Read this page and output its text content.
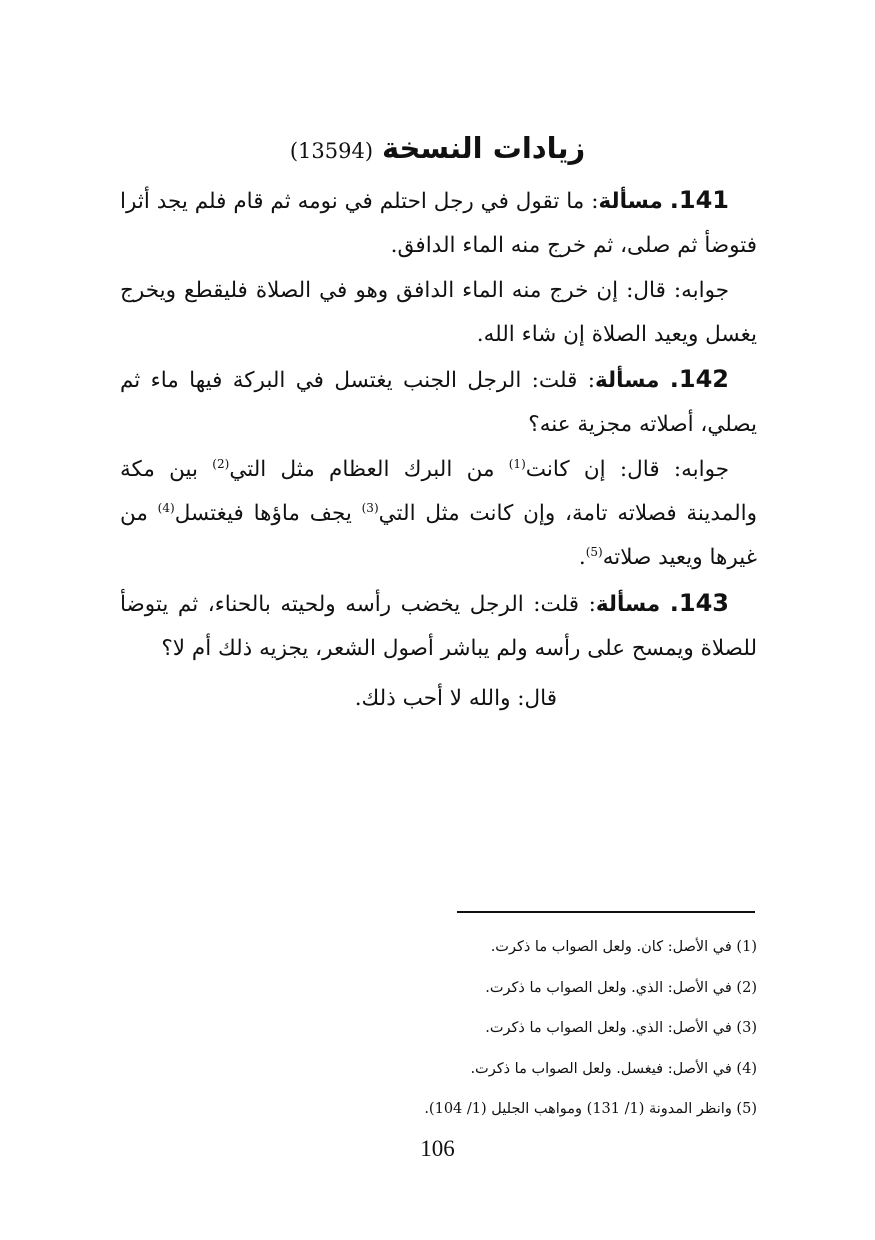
زيادات النسخة (13594)

141. مسألة: ما تقول في رجل احتلم في نومه ثم قام فلم يجد أثرا فتوضأ ثم صلى، ثم خرج منه الماء الدافق.

جوابه: قال: إن خرج منه الماء الدافق وهو في الصلاة فليقطع ويخرج يغسل ويعيد الصلاة إن شاء الله.

142. مسألة: قلت: الرجل الجنب يغتسل في البركة فيها ماء ثم يصلي، أصلاته مجزية عنه؟

جوابه: قال: إن كانت$^{(1)}$ من البرك العظام مثل التي$^{(2)}$ بين مكة والمدينة فصلاته تامة، وإن كانت مثل التي$^{(3)}$ يجف ماؤها فيغتسل$^{(4)}$ من غيرها ويعيد صلاته$^{(5)}$.

143. مسألة: قلت: الرجل يخضب رأسه ولحيته بالحناء، ثم يتوضأ للصلاة ويمسح على رأسه ولم يباشر أصول الشعر، يجزيه ذلك أم لا؟

قال: والله لا أحب ذلك.

(1) في الأصل: كان. ولعل الصواب ما ذكرت.

(2) في الأصل: الذي. ولعل الصواب ما ذكرت.

(3) في الأصل: الذي. ولعل الصواب ما ذكرت.

(4) في الأصل: فيغسل. ولعل الصواب ما ذكرت.

(5) وانظر المدونة (1/ 131) ومواهب الجليل (1/ 104).

106
